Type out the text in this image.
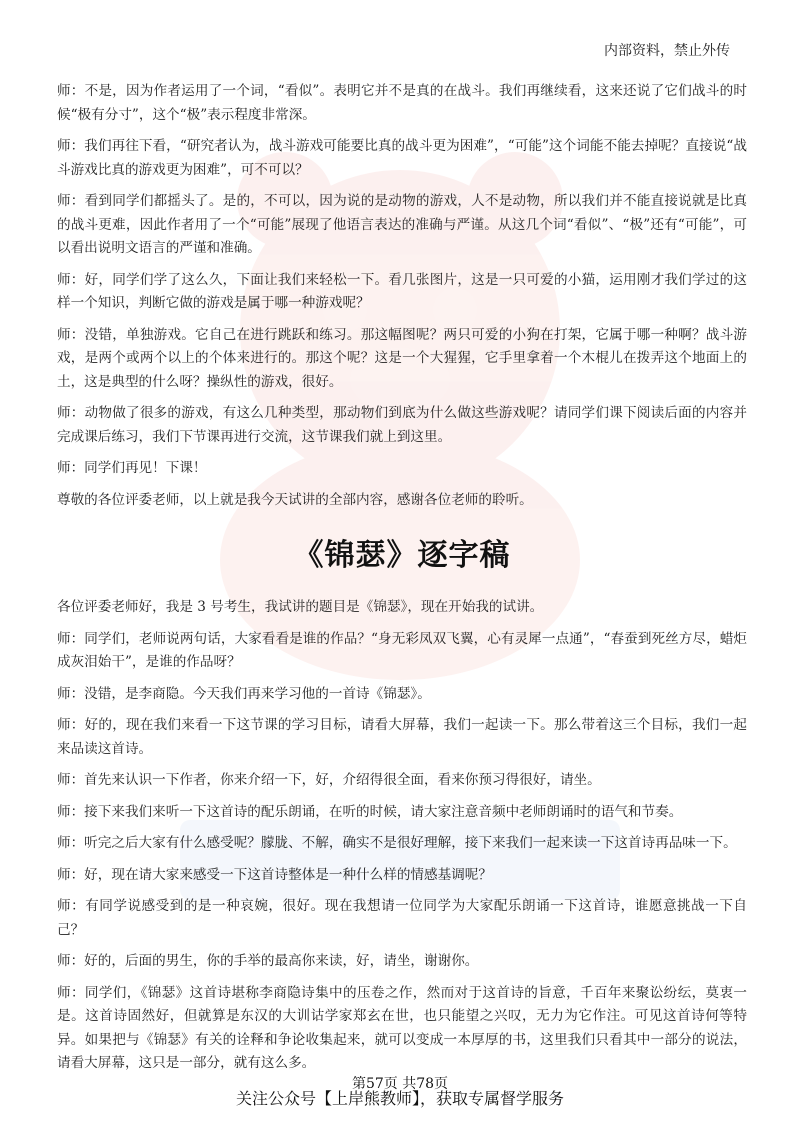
内部资料，禁止外传

师：不是，因为作者运用了一个词，“看似”。表明它并不是真的在战斗。我们再继续看，这来还说了它们战斗的时候“极有分寸”，这个“极”表示程度非常深。

师：我们再往下看，“研究者认为，战斗游戏可能要比真的战斗更为困难”，“可能”这个词能不能去掉呢？直接说“战斗游戏比真的游戏更为困难”，可不可以？

师：看到同学们都摇头了。是的，不可以，因为说的是动物的游戏，人不是动物，所以我们并不能直接说就是比真的战斗更难，因此作者用了一个“可能”展现了他语言表达的准确与严谨。从这几个词“看似”、“极”还有“可能”，可以看出说明文语言的严谨和准确。

师：好，同学们学了这么久，下面让我们来轻松一下。看几张图片，这是一只可爱的小猫，运用刚才我们学过的这样一个知识，判断它做的游戏是属于哪一种游戏呢？

师：没错，单独游戏。它自己在进行跳跃和练习。那这幅图呢？两只可爱的小狗在打架，它属于哪一种啊？战斗游戏，是两个或两个以上的个体来进行的。那这个呢？这是一个大猩猩，它手里拿着一个木棍儿在拨弄这个地面上的土，这是典型的什么呀？操纵性的游戏，很好。

师：动物做了很多的游戏，有这么几种类型，那动物们到底为什么做这些游戏呢？请同学们课下阅读后面的内容并完成课后练习，我们下节课再进行交流，这节课我们就上到这里。

师：同学们再见！下课！

尊敬的各位评委老师，以上就是我今天试讲的全部内容，感谢各位老师的聆听。

《锦瑟》逐字稿

各位评委老师好，我是 3 号考生，我试讲的题目是《锦瑟》，现在开始我的试讲。

师：同学们，老师说两句话，大家看看是谁的作品？“身无彩凤双飞翼，心有灵犀一点通”，“春蚕到死丝方尽，蜡炬成灰泪始干”，是谁的作品呀？

师：没错，是李商隐。今天我们再来学习他的一首诗《锦瑟》。

师：好的，现在我们来看一下这节课的学习目标，请看大屏幕，我们一起读一下。那么带着这三个目标，我们一起来品读这首诗。

师：首先来认识一下作者，你来介绍一下，好，介绍得很全面，看来你预习得很好，请坐。

师：接下来我们来听一下这首诗的配乐朗诵，在听的时候，请大家注意音频中老师朗诵时的语气和节奏。

师：听完之后大家有什么感受呢？朦胧、不解，确实不是很好理解，接下来我们一起来读一下这首诗再品味一下。

师：好，现在请大家来感受一下这首诗整体是一种什么样的情感基调呢？

师：有同学说感受到的是一种哀婉，很好。现在我想请一位同学为大家配乐朗诵一下这首诗，谁愿意挑战一下自己？

师：好的，后面的男生，你的手举的最高你来读，好，请坐，谢谢你。

师：同学们，《锦瑟》这首诗堪称李商隐诗集中的压卷之作，然而对于这首诗的旨意，千百年来聚讼纷纭，莫衷一是。这首诗固然好，但就算是东汉的大训诂学家郑玄在世，也只能望之兴叹，无力为它作注。可见这首诗何等特异。如果把与《锦瑟》有关的诠释和争论收集起来，就可以变成一本厚厚的书，这里我们只看其中一部分的说法，请看大屏幕，这只是一部分，就有这么多。

第57页 共78页
关注公众号【上岸熊教师】，获取专属督学服务
